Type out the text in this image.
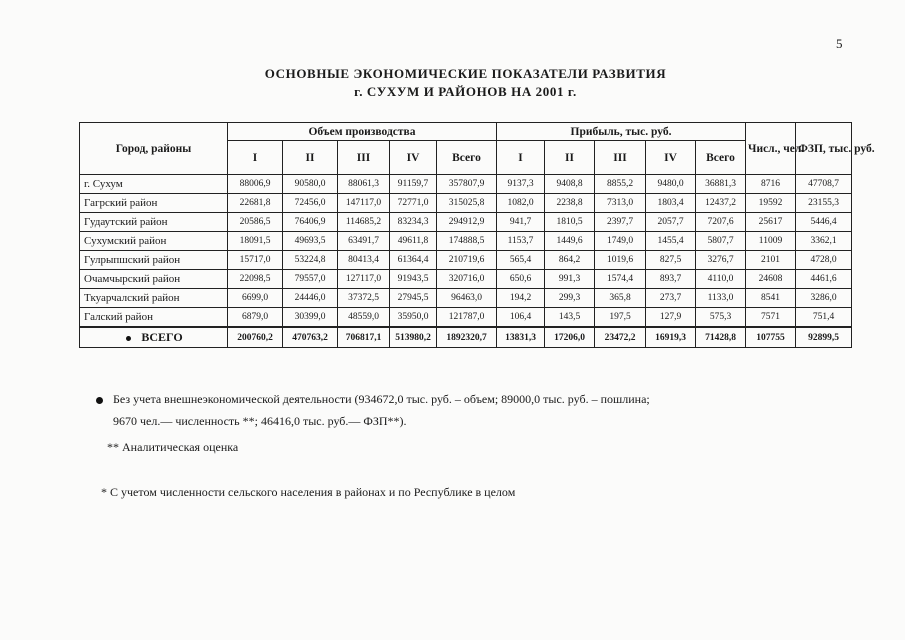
5
ОСНОВНЫЕ ЭКОНОМИЧЕСКИЕ ПОКАЗАТЕЛИ РАЗВИТИЯ
г. СУХУМ И РАЙОНОВ НА 2001 г.
Город, районы	Объем производства					Прибыль, тыс. руб.					Числ., чел.	ФЗП, тыс. руб.
	I	II	III	IV	Всего	I	II	III	IV	Всего		
г. Сухум	88006,9	90580,0	88061,3	91159,7	357807,9	9137,3	9408,8	8855,2	9480,0	36881,3	8716	47708,7
Гагрский район	22681,8	72456,0	147117,0	72771,0	315025,8	1082,0	2238,8	7313,0	1803,4	12437,2	19592	23155,3
Гудаутский район	20586,5	76406,9	114685,2	83234,3	294912,9	941,7	1810,5	2397,7	2057,7	7207,6	25617	5446,4
Сухумский район	18091,5	49693,5	63491,7	49611,8	174888,5	1153,7	1449,6	1749,0	1455,4	5807,7	11009	3362,1
Гулрыпшский район	15717,0	53224,8	80413,4	61364,4	210719,6	565,4	864,2	1019,6	827,5	3276,7	2101	4728,0
Очамчырский район	22098,5	79557,0	127117,0	91943,5	320716,0	650,6	991,3	1574,4	893,7	4110,0	24608	4461,6
Ткуарчалский район	6699,0	24446,0	37372,5	27945,5	96463,0	194,2	299,3	365,8	273,7	1133,0	8541	3286,0
Галский район	6879,0	30399,0	48559,0	35950,0	121787,0	106,4	143,5	197,5	127,9	575,3	7571	751,4
ВСЕГО	200760,2	470763,2	706817,1	513980,2	1892320,7	13831,3	17206,0	23472,2	16919,3	71428,8	107755	92899,5
Без учета внешнеэкономической деятельности (934672,0 тыс. руб. – объем; 89000,0 тыс. руб. – пошлина;
9670 чел.— численность **; 46416,0 тыс. руб.— ФЗП**).
** Аналитическая оценка
* С учетом численности сельского населения в районах и по Республике в целом
